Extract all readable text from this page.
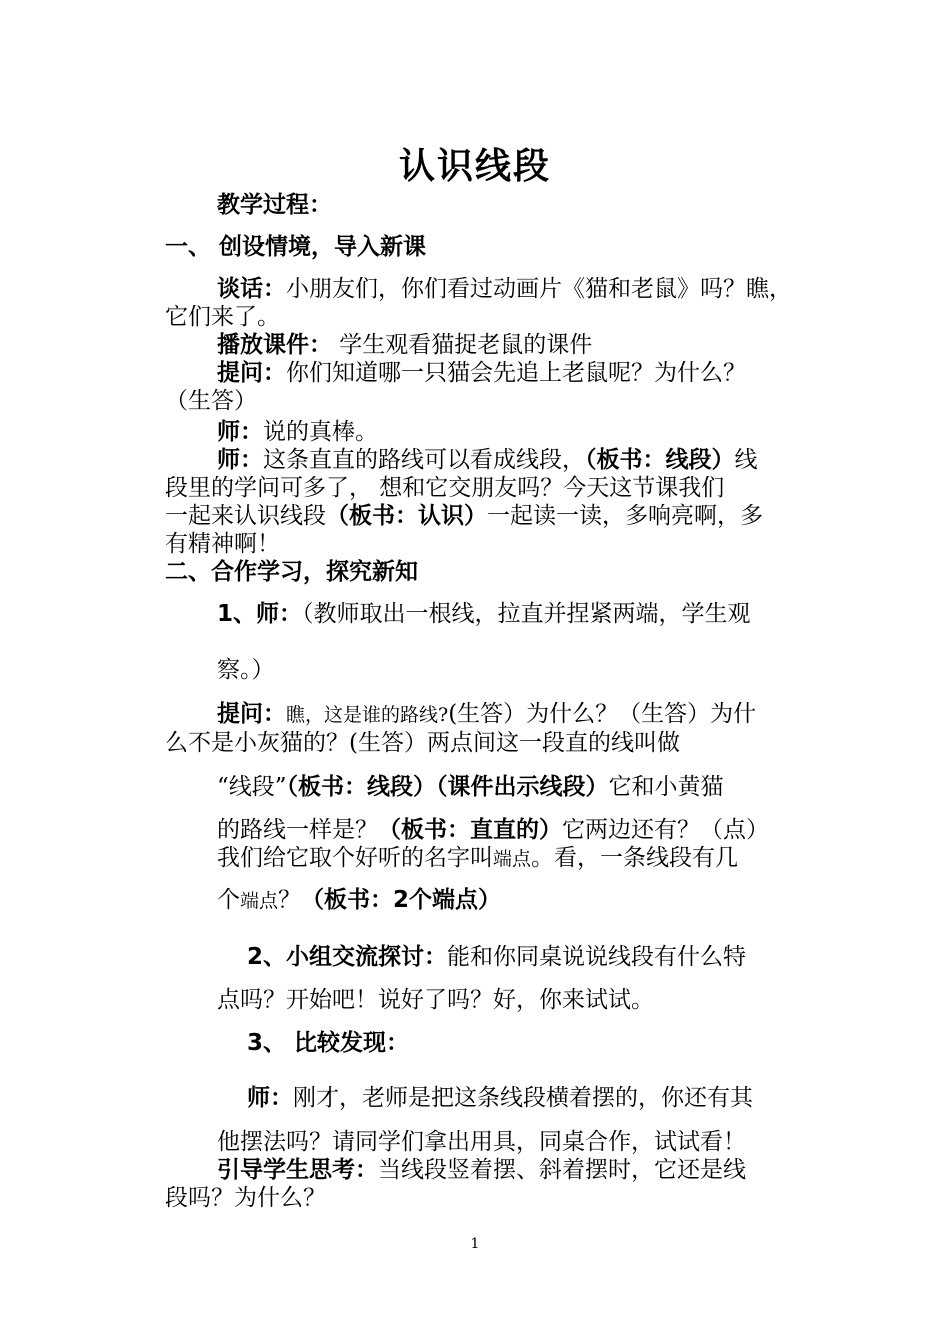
认识线段
教学过程：
一、 创设情境，导入新课
谈话：小朋友们，你们看过动画片《猫和老鼠》吗？瞧，
它们来了。
播放课件： 学生观看猫捉老鼠的课件
提问：你们知道哪一只猫会先追上老鼠呢？为什么？
（生答）
师：说的真棒。
师：这条直直的路线可以看成线段，（板书：线段）线
段里的学问可多了， 想和它交朋友吗？今天这节课我们
一起来认识线段（板书：认识）一起读一读，多响亮啊，多
有精神啊！
二、合作学习，探究新知
1、师：（教师取出一根线，拉直并捏紧两端，学生观
察。）
提问：瞧，这是谁的路线?(生答）为什么？（生答）为什
么不是小灰猫的？(生答）两点间这一段直的线叫做
“线段”（板书：线段）（课件出示线段）它和小黄猫
的路线一样是？（板书：直直的）它两边还有？（点）
我们给它取个好听的名字叫端点。看，一条线段有几
个端点？（板书：2个端点）
2、小组交流探讨：能和你同桌说说线段有什么特
点吗？开始吧！说好了吗？好，你来试试。
3、 比较发现：
师：刚才，老师是把这条线段横着摆的，你还有其
他摆法吗？请同学们拿出用具，同桌合作，试试看！
引导学生思考：当线段竖着摆、斜着摆时，它还是线
段吗？为什么？
1
